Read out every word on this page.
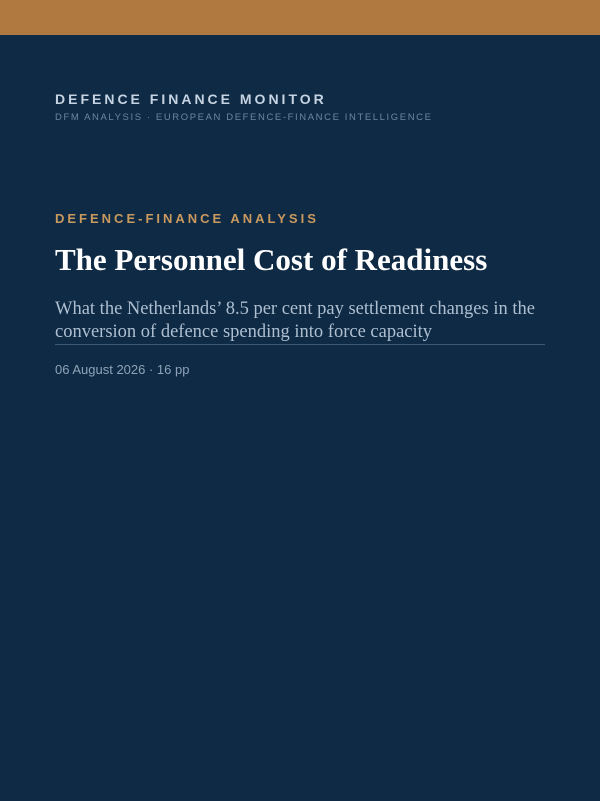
DEFENCE FINANCE MONITOR
DFM ANALYSIS · EUROPEAN DEFENCE-FINANCE INTELLIGENCE
DEFENCE-FINANCE ANALYSIS
The Personnel Cost of Readiness
What the Netherlands’ 8.5 per cent pay settlement changes in the conversion of defence spending into force capacity
06 August 2026 · 16 pp
